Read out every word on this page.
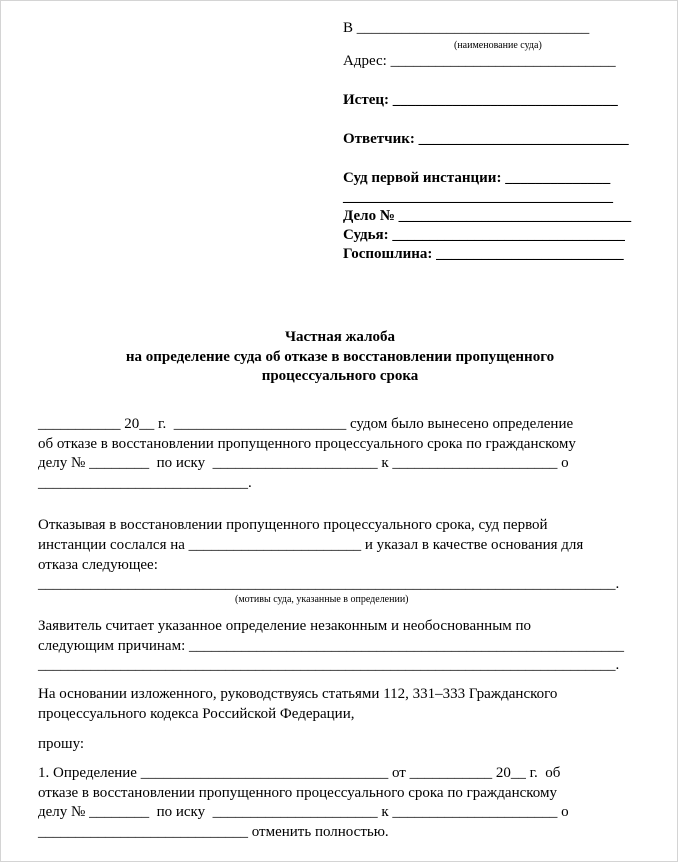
В _______________________________
(наименование суда)
Адрес: ______________________________
Истец: ______________________________
Ответчик: ____________________________
Суд первой инстанции: ______________
____________________________________
Дело № _______________________________
Судья: _______________________________
Госпошлина: _________________________
Частная жалоба
на определение суда об отказе в восстановлении пропущенного
процессуального срока
___________ 20__ г.  _______________________ судом было вынесено определение
об отказе в восстановлении пропущенного процессуального срока по гражданскому
делу № ________  по иску  ______________________ к ______________________ о
____________________________.
Отказывая в восстановлении пропущенного процессуального срока, суд первой
инстанции сослался на _______________________ и указал в качестве основания для
отказа следующее:
_____________________________________________________________________________.
(мотивы суда, указанные в определении)
Заявитель считает указанное определение незаконным и необоснованным по
следующим причинам: __________________________________________________________
_____________________________________________________________________________.
На основании изложенного, руководствуясь статьями 112, 331–333 Гражданского
процессуального кодекса Российской Федерации,
прошу:
1. Определение _________________________________ от ___________ 20__ г.  об
отказе в восстановлении пропущенного процессуального срока по гражданскому
делу № ________  по иску  ______________________ к ______________________ о
____________________________ отменить полностью.
